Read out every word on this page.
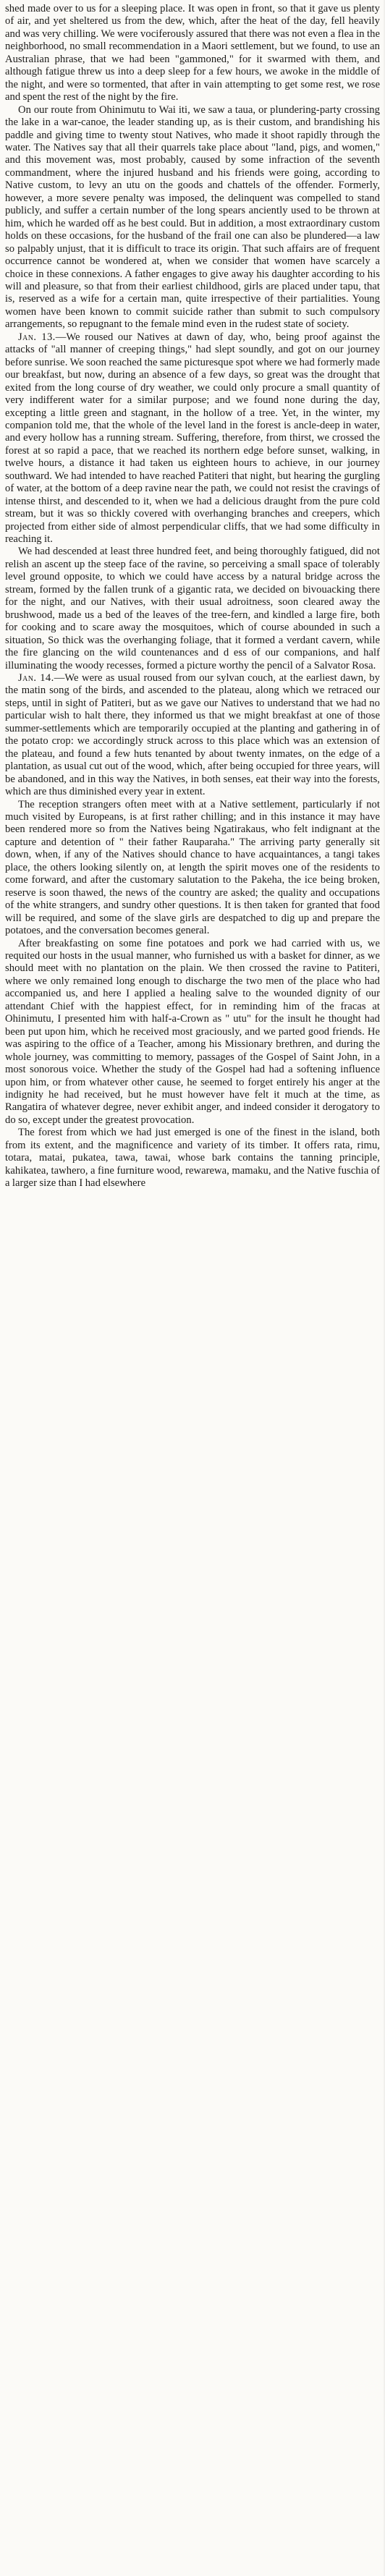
shed made over to us for a sleeping place. It was open in front, so that it gave us plenty of air, and yet sheltered us from the dew, which, after the heat of the day, fell heavily and was very chilling. We were vociferously assured that there was not even a flea in the neighborhood, no small recommendation in a Maori settlement, but we found, to use an Australian phrase, that we had been "gammoned," for it swarmed with them, and although fatigue threw us into a deep sleep for a few hours, we awoke in the middle of the night, and were so tormented, that after in vain attempting to get some rest, we rose and spent the rest of the night by the fire.

On our route from Ohinimutu to Wai iti, we saw a taua, or plundering-party crossing the lake in a war-canoe, the leader standing up, as is their custom, and brandishing his paddle and giving time to twenty stout Natives, who made it shoot rapidly through the water. The Natives say that all their quarrels take place about "land, pigs, and women," and this movement was, most probably, caused by some infraction of the seventh commandment, where the injured husband and his friends were going, according to Native custom, to levy an utu on the goods and chattels of the offender. Formerly, however, a more severe penalty was imposed, the delinquent was compelled to stand publicly, and suffer a certain number of the long spears anciently used to be thrown at him, which he warded off as he best could. But in addition, a most extraordinary custom holds on these occasions, for the husband of the frail one can also be plundered—a law so palpably unjust, that it is difficult to trace its origin. That such affairs are of frequent occurrence cannot be wondered at, when we consider that women have scarcely a choice in these connexions. A father engages to give away his daughter according to his will and pleasure, so that from their earliest childhood, girls are placed under tapu, that is, reserved as a wife for a certain man, quite irrespective of their partialities. Young women have been known to commit suicide rather than submit to such compulsory arrangements, so repugnant to the female mind even in the rudest state of society.

Jan. 13.—We roused our Natives at dawn of day, who, being proof against the attacks of "all manner of creeping things," had slept soundly, and got on our journey before sunrise. We soon reached the same picturesque spot where we had formerly made our breakfast, but now, during an absence of a few days, so great was the drought that exited from the long course of dry weather, we could only procure a small quantity of very indifferent water for a similar purpose; and we found none during the day, excepting a little green and stagnant, in the hollow of a tree. Yet, in the winter, my companion told me, that the whole of the level land in the forest is ancle-deep in water, and every hollow has a running stream. Suffering, therefore, from thirst, we crossed the forest at so rapid a pace, that we reached its northern edge before sunset, walking, in twelve hours, a distance it had taken us eighteen hours to achieve, in our journey southward. We had intended to have reached Patiteri that night, but hearing the gurgling of water, at the bottom of a deep ravine near the path, we could not resist the cravings of intense thirst, and descended to it, when we had a delicious draught from the pure cold stream, but it was so thickly covered with overhanging branches and creepers, which projected from either side of almost perpendicular cliffs, that we had some difficulty in reaching it.

We had descended at least three hundred feet, and being thoroughly fatigued, did not relish an ascent up the steep face of the ravine, so perceiving a small space of tolerably level ground opposite, to which we could have access by a natural bridge across the stream, formed by the fallen trunk of a gigantic rata, we decided on bivouacking there for the night, and our Natives, with their usual adroitness, soon cleared away the brushwood, made us a bed of the leaves of the tree-fern, and kindled a large fire, both for cooking and to scare away the mosquitoes, which of course abounded in such a situation, So thick was the overhanging foliage, that it formed a verdant cavern, while the fire glancing on the wild countenances and d ess of our companions, and half illuminating the woody recesses, formed a picture worthy the pencil of a Salvator Rosa.

Jan. 14.—We were as usual roused from our sylvan couch, at the earliest dawn, by the matin song of the birds, and ascended to the plateau, along which we retraced our steps, until in sight of Patiteri, but as we gave our Natives to understand that we had no particular wish to halt there, they informed us that we might breakfast at one of those summer-settlements which are temporarily occupied at the planting and gathering in of the potato crop: we accordingly struck across to this place which was an extension of the plateau, and found a few huts tenanted by about twenty inmates, on the edge of a plantation, as usual cut out of the wood, which, after being occupied for three years, will be abandoned, and in this way the Natives, in both senses, eat their way into the forests, which are thus diminished every year in extent.

The reception strangers often meet with at a Native settlement, particularly if not much visited by Europeans, is at first rather chilling; and in this instance it may have been rendered more so from the Natives being Ngatirakaus, who felt indignant at the capture and detention of " their father Rauparaha." The arriving party generally sit down, when, if any of the Natives should chance to have acquaintances, a tangi takes place, the others looking silently on, at length the spirit moves one of the residents to come forward, and after the customary salutation to the Pakeha, the ice being broken, reserve is soon thawed, the news of the country are asked; the quality and occupations of the white strangers, and sundry other questions. It is then taken for granted that food will be required, and some of the slave girls are despatched to dig up and prepare the potatoes, and the conversation becomes general.

After breakfasting on some fine potatoes and pork we had carried with us, we requited our hosts in the usual manner, who furnished us with a basket for dinner, as we should meet with no plantation on the plain. We then crossed the ravine to Patiteri, where we only remained long enough to discharge the two men of the place who had accompanied us, and here I applied a healing salve to the wounded dignity of our attendant Chief with the happiest effect, for in reminding him of the fracas at Ohinimutu, I presented him with half-a-Crown as " utu" for the insult he thought had been put upon him, which he received most graciously, and we parted good friends. He was aspiring to the office of a Teacher, among his Missionary brethren, and during the whole journey, was committing to memory, passages of the Gospel of Saint John, in a most sonorous voice. Whether the study of the Gospel had had a softening influence upon him, or from whatever other cause, he seemed to forget entirely his anger at the indignity he had received, but he must however have felt it much at the time, as Rangatira of whatever degree, never exhibit anger, and indeed consider it derogatory to do so, except under the greatest provocation.

The forest from which we had just emerged is one of the finest in the island, both from its extent, and the magnificence and variety of its timber. It offers rata, rimu, totara, matai, pukatea, tawa, tawai, whose bark contains the tanning principle, kahikatea, tawhero, a fine furniture wood, rewarewa, mamaku, and the Native fuschia of a larger size than I had elsewhere
